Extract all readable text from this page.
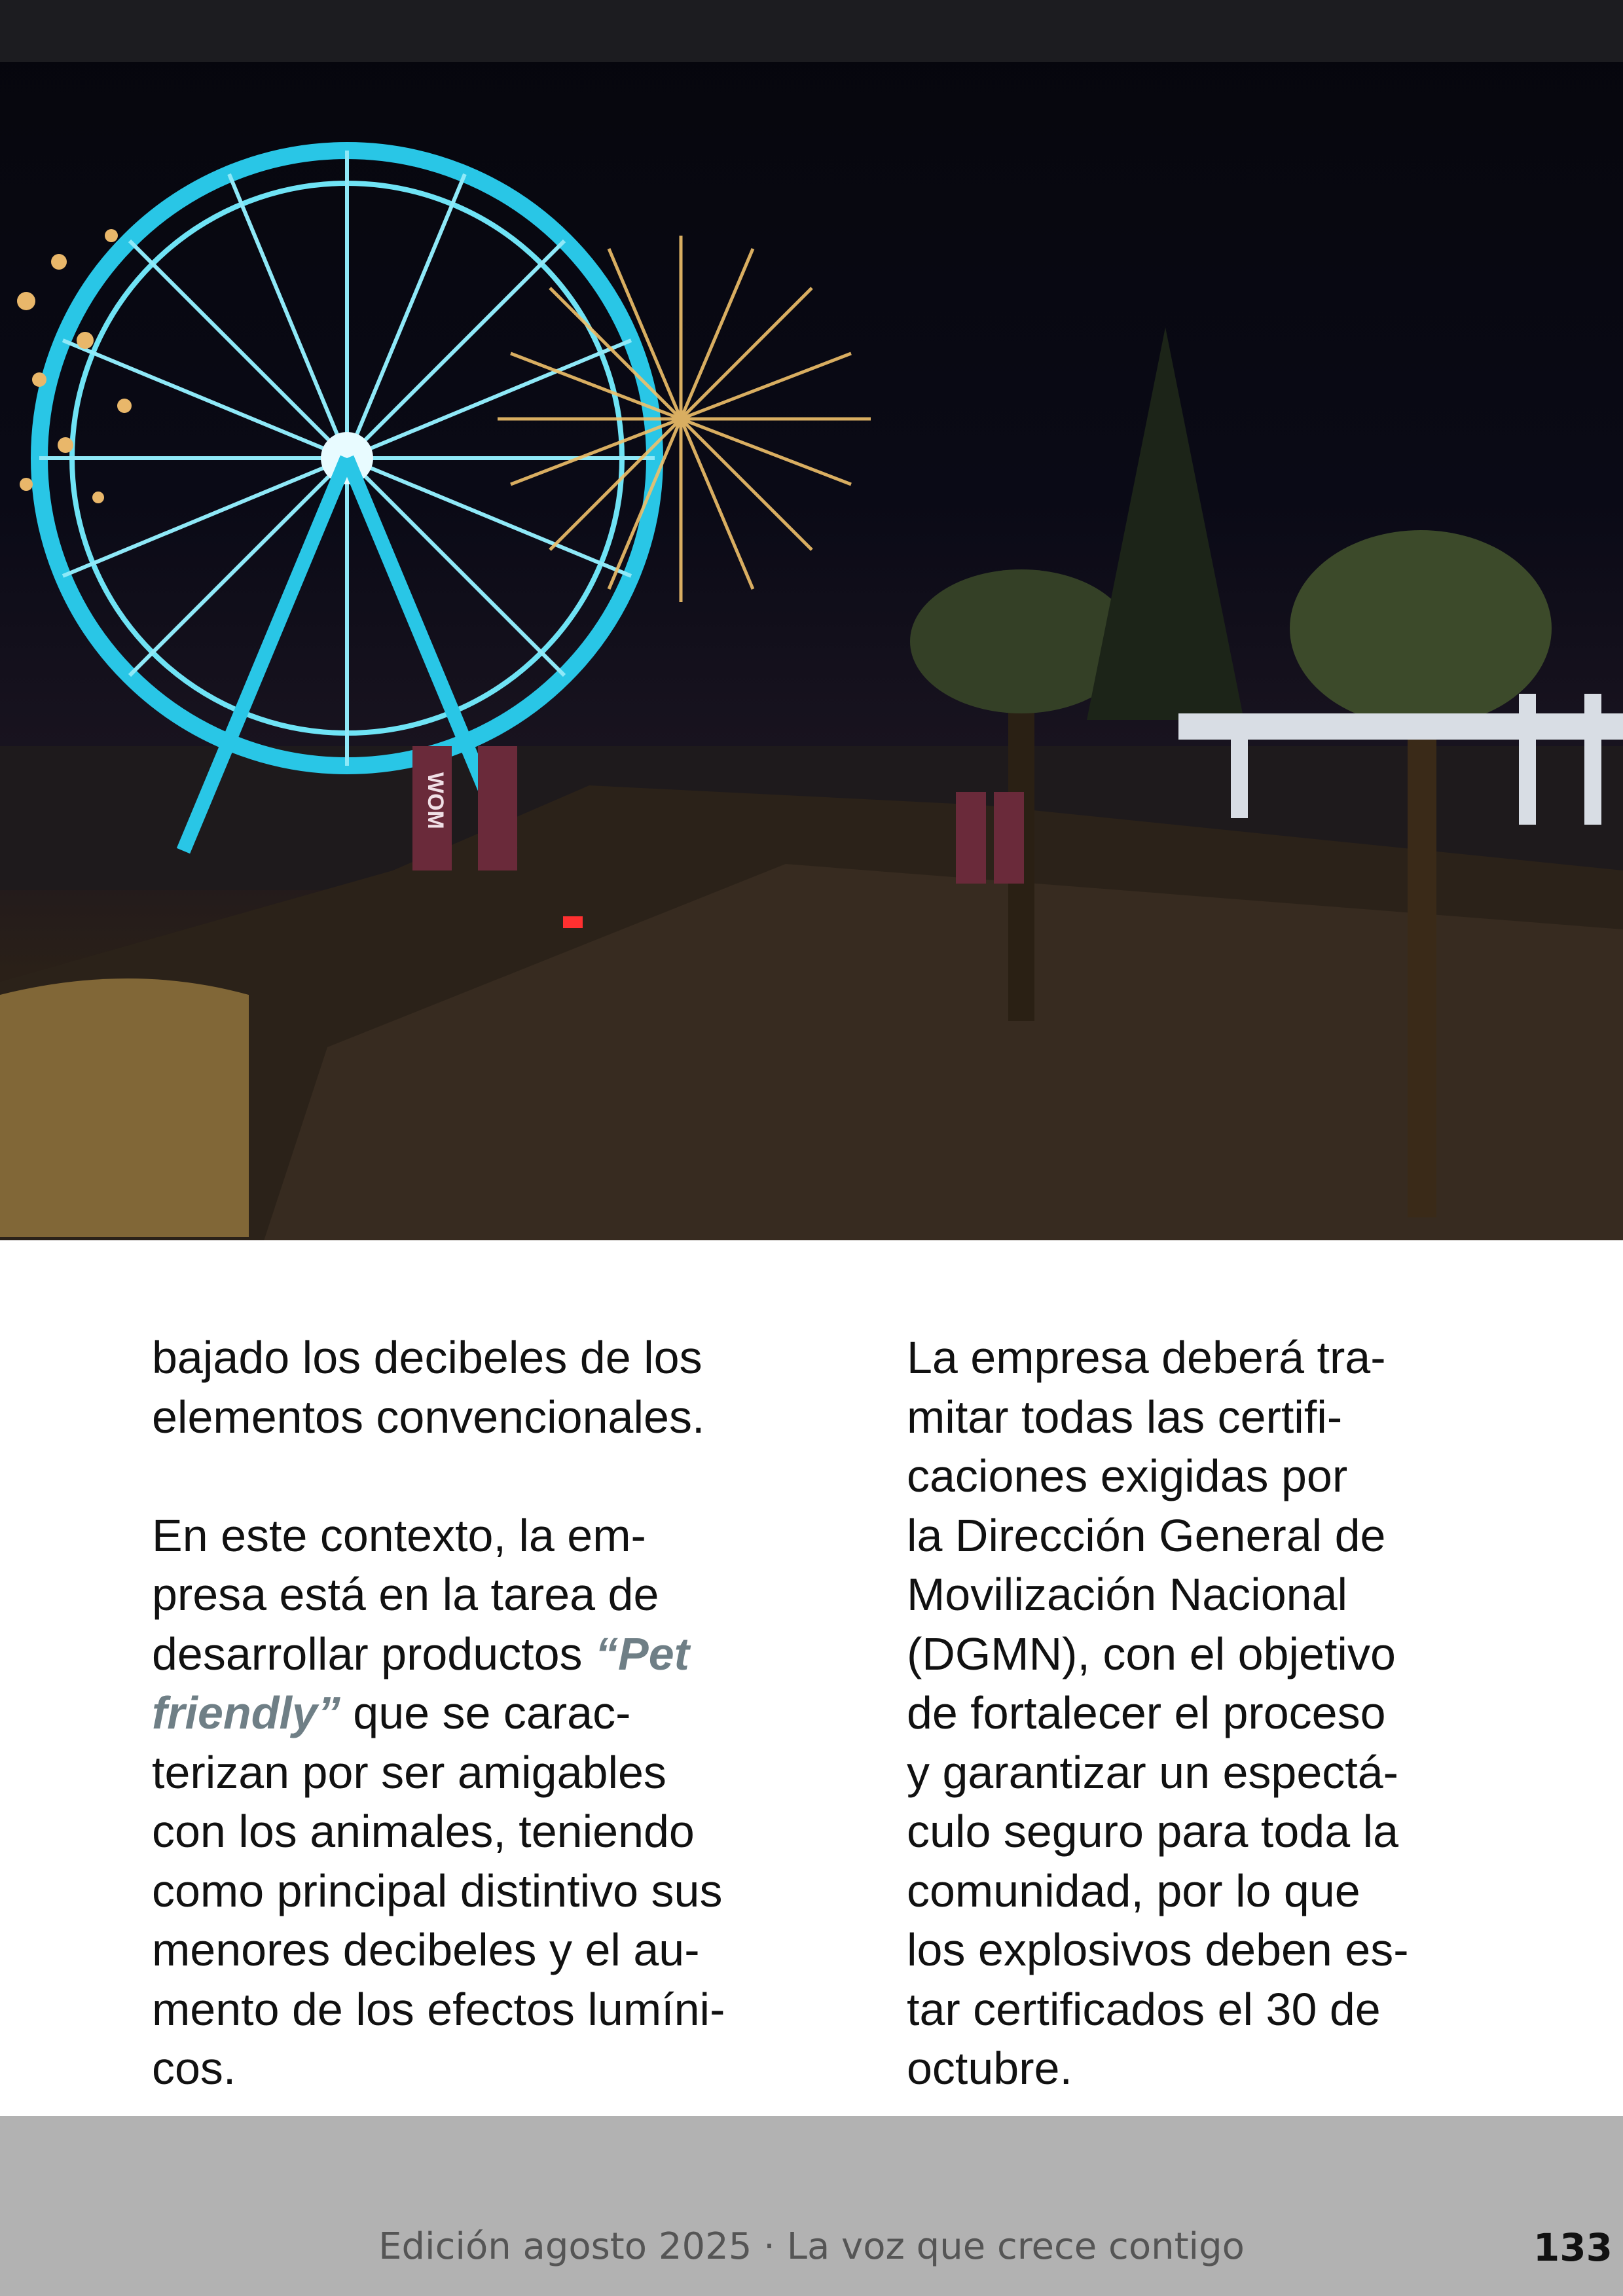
WOM

bajado los decibeles de los
elementos convencionales.

En este contexto, la em-
presa está en la tarea de
desarrollar productos “Pet
friendly” que se carac-
terizan por ser amigables
con los animales, teniendo
como principal distintivo sus
menores decibeles y el au-
mento de los efectos lumíni-
cos.

La empresa deberá tra-
mitar todas las certifi-
caciones exigidas por
la Dirección General de
Movilización Nacional
(DGMN), con el objetivo
de fortalecer el proceso
y garantizar un espectá-
culo seguro para toda la
comunidad, por lo que
los explosivos deben es-
tar certificados el 30 de
octubre.

Edición agosto 2025 · La voz que crece contigo	133
